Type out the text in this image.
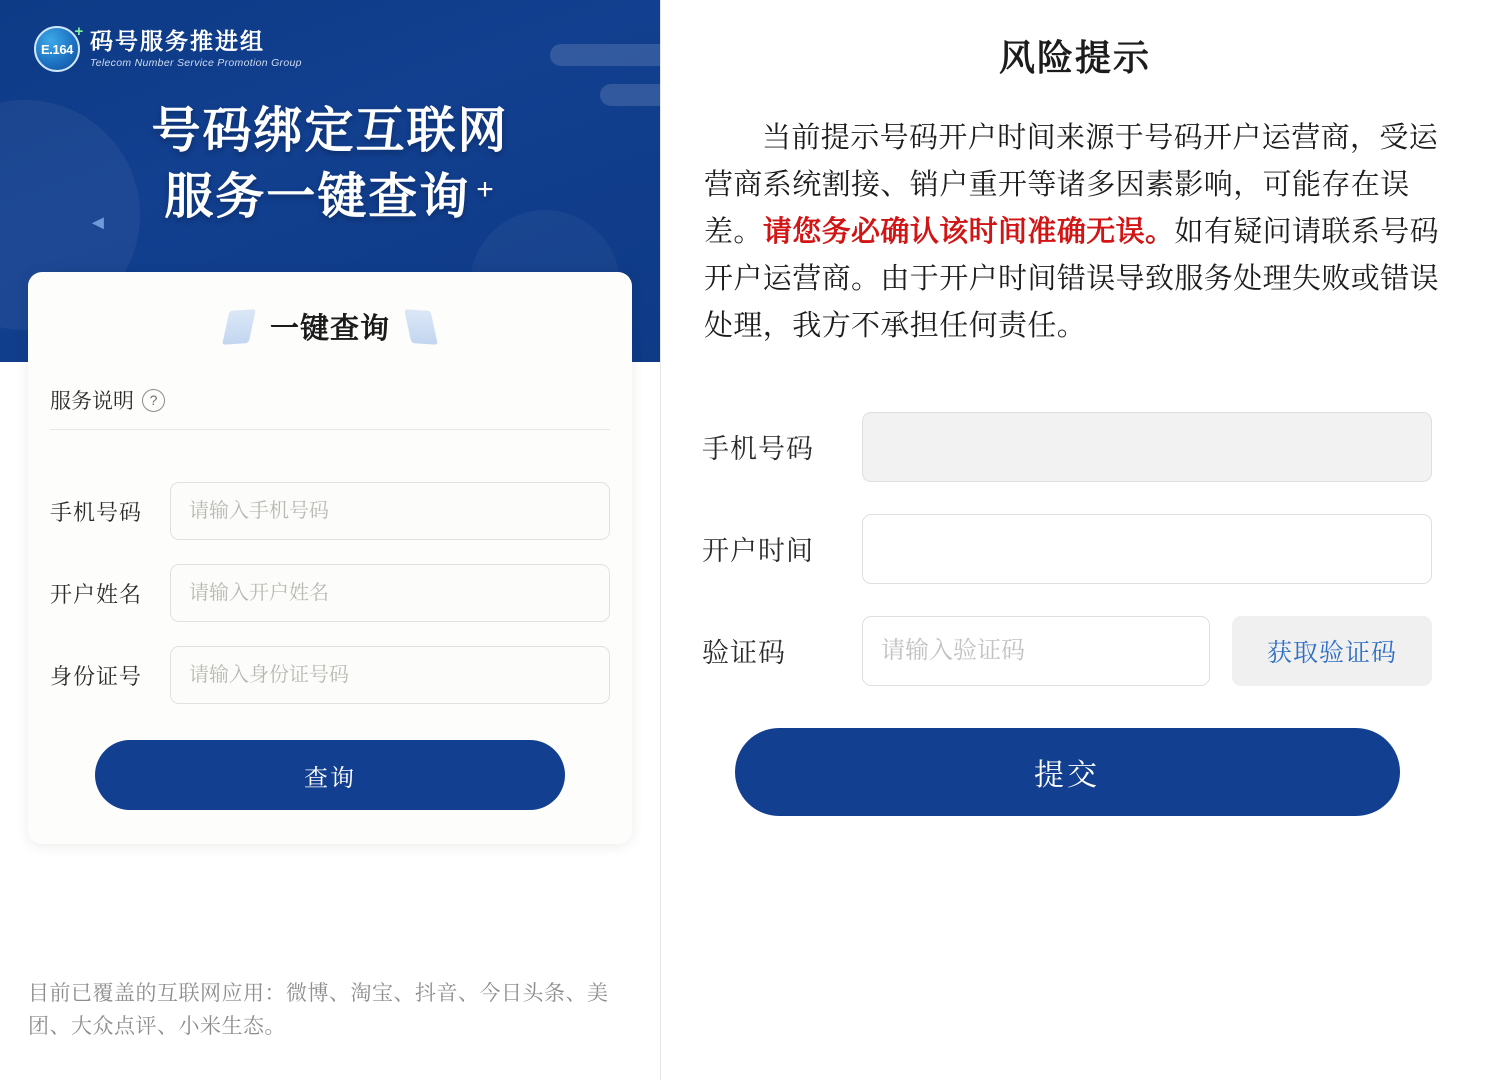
E.164
+ 码号服务推进组
Telecom Number Service Promotion Group
号码绑定互联网
服务一键查询 +
◄
一键查询
服务说明	?
手机号码
请输入手机号码
开户姓名
请输入开户姓名
身份证号
请输入身份证号码
查询
目前已覆盖的互联网应用：微博、淘宝、抖音、今日头条、美团、大众点评、小米生态。
风险提示

当前提示号码开户时间来源于号码开户运营商，受运营商系统割接、销户重开等诸多因素影响，可能存在误差。请您务必确认该时间准确无误。如有疑问请联系号码开户运营商。由于开户时间错误导致服务处理失败或错误处理，我方不承担任何责任。

手机号码
开户时间
验证码
请输入验证码	获取验证码
提交
